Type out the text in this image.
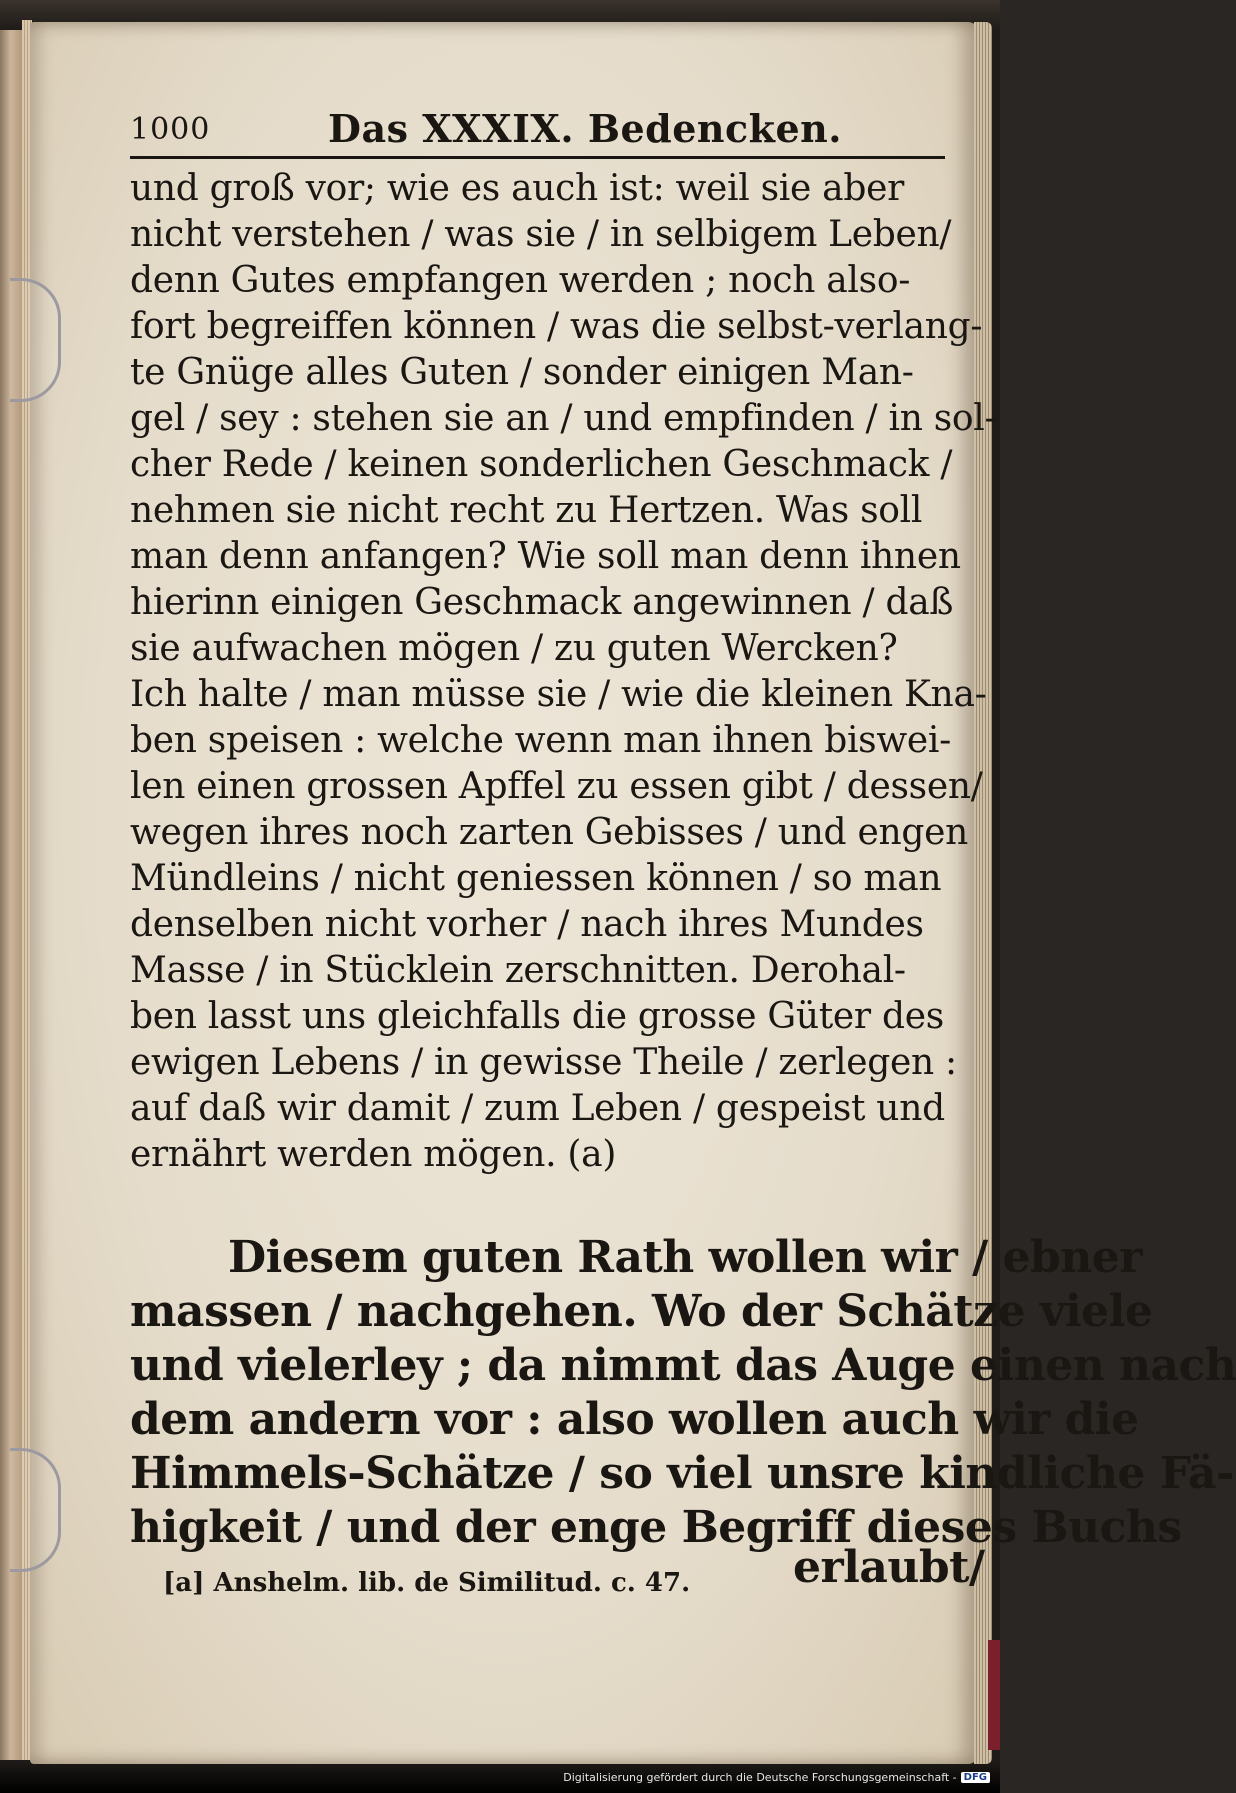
1000	Das XXXIX. Bedencken.
und groß vor; wie es auch ist: weil sie aber
nicht verstehen / was sie / in selbigem Leben/
denn Gutes empfangen werden ; noch also-
fort begreiffen können / was die selbst-verlang-
te Gnüge alles Guten / sonder einigen Man-
gel / sey : stehen sie an / und empfinden / in sol-
cher Rede / keinen sonderlichen Geschmack /
nehmen sie nicht recht zu Hertzen. Was soll
man denn anfangen? Wie soll man denn ihnen
hierinn einigen Geschmack angewinnen / daß
sie aufwachen mögen / zu guten Wercken?
Ich halte / man müsse sie / wie die kleinen Kna-
ben speisen : welche wenn man ihnen biswei-
len einen grossen Apffel zu essen gibt / dessen/
wegen ihres noch zarten Gebisses / und engen
Mündleins / nicht geniessen können / so man
denselben nicht vorher / nach ihres Mundes
Masse / in Stücklein zerschnitten. Derohal-
ben lasst uns gleichfalls die grosse Güter des
ewigen Lebens / in gewisse Theile / zerlegen :
auf daß wir damit / zum Leben / gespeist und
ernährt werden mögen. (a)
Diesem guten Rath wollen wir / ebner
massen / nachgehen. Wo der Schätze viele
und vielerley ; da nimmt das Auge einen nach
dem andern vor : also wollen auch wir die
Himmels-Schätze / so viel unsre kindliche Fä-
higkeit / und der enge Begriff dieses Buchs
erlaubt/
[a] Anshelm. lib. de Similitud. c. 47.
Digitalisierung gefördert durch die Deutsche Forschungsgemeinschaft - DFG
